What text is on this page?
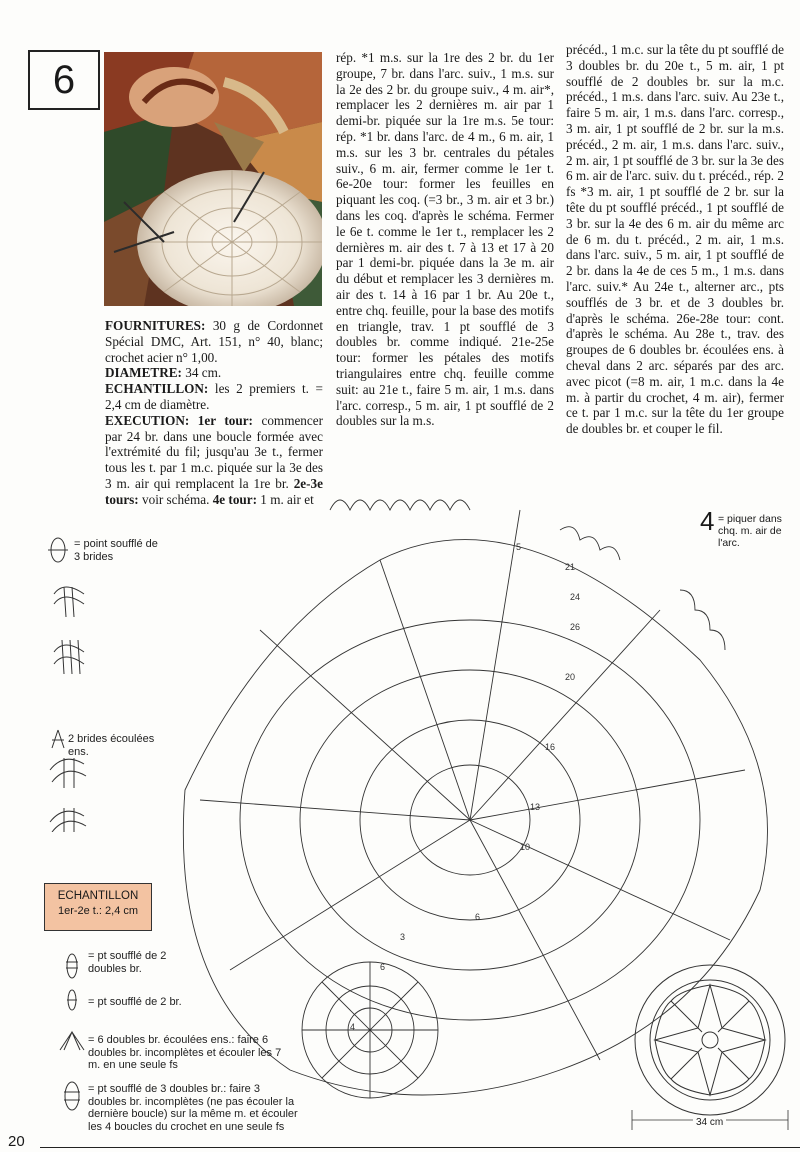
6

FOURNITURES: 30 g de Cordonnet Spécial DMC, Art. 151, n° 40, blanc; crochet acier n° 1,00.

DIAMETRE: 34 cm.

ECHANTILLON: les 2 premiers t. = 2,4 cm de diamètre.

EXECUTION: 1er tour: commencer par 24 br. dans une boucle formée avec l'extrémité du fil; jusqu'au 3e t., fermer tous les t. par 1 m.c. piquée sur la 3e des 3 m. air qui remplacent la 1re br. 2e-3e tours: voir schéma. 4e tour: 1 m. air et

rép. *1 m.s. sur la 1re des 2 br. du 1er groupe, 7 br. dans l'arc. suiv., 1 m.s. sur la 2e des 2 br. du groupe suiv., 4 m. air*, remplacer les 2 dernières m. air par 1 demi-br. piquée sur la 1re m.s. 5e tour: rép. *1 br. dans l'arc. de 4 m., 6 m. air, 1 m.s. sur les 3 br. centrales du pétales suiv., 6 m. air, fermer comme le 1er t. 6e-20e tour: former les feuilles en piquant les coq. (=3 br., 3 m. air et 3 br.) dans les coq. d'après le schéma. Fermer le 6e t. comme le 1er t., remplacer les 2 dernières m. air des t. 7 à 13 et 17 à 20 par 1 demi-br. piquée dans la 3e m. air du début et remplacer les 3 dernières m. air des t. 14 à 16 par 1 br. Au 20e t., entre chq. feuille, pour la base des motifs en triangle, trav. 1 pt soufflé de 3 doubles br. comme indiqué. 21e-25e tour: former les pétales des motifs triangulaires entre chq. feuille comme suit: au 21e t., faire 5 m. air, 1 m.s. dans l'arc. corresp., 5 m. air, 1 pt soufflé de 2 doubles sur la m.s.

précéd., 1 m.c. sur la tête du pt soufflé de 3 doubles br. du 20e t., 5 m. air, 1 pt soufflé de 2 doubles br. sur la m.c. précéd., 1 m.s. dans l'arc. suiv. Au 23e t., faire 5 m. air, 1 m.s. dans l'arc. corresp., 3 m. air, 1 pt soufflé de 2 br. sur la m.s. précéd., 2 m. air, 1 m.s. dans l'arc. suiv., 2 m. air, 1 pt soufflé de 3 br. sur la 3e des 6 m. air de l'arc. suiv. du t. précéd., rép. 2 fs *3 m. air, 1 pt soufflé de 2 br. sur la tête du pt soufflé précéd., 1 pt soufflé de 3 br. sur la 4e des 6 m. air du même arc de 6 m. du t. précéd., 2 m. air, 1 m.s. dans l'arc. suiv., 5 m. air, 1 pt soufflé de 2 br. dans la 4e de ces 5 m., 1 m.s. dans l'arc. suiv.* Au 24e t., alterner arc., pts soufflés de 3 br. et de 3 doubles br. d'après le schéma. 26e-28e tour: cont. d'après le schéma. Au 28e t., trav. des groupes de 6 doubles br. écoulées ens. à cheval dans 2 arc. séparés par des arc. avec picot (=8 m. air, 1 m.c. dans la 4e m. à partir du crochet, 4 m. air), fermer ce t. par 1 m.c. sur la tête du 1er groupe de doubles br. et couper le fil.

5
21
24
26
20
16
13
10
6
3
6
4
= point soufflé de 3 brides
2 brides écoulées ens.
ECHANTILLON
1er-2e t.: 2,4 cm
= pt soufflé de 2 doubles br.
= pt soufflé de 2 br.
= 6 doubles br. écoulées ens.: faire 6 doubles br. incomplètes et écouler les 7 m. en une seule fs
= pt soufflé de 3 doubles br.: faire 3 doubles br. incomplètes (ne pas écouler la dernière boucle) sur la même m. et écouler les 4 boucles du crochet en une seule fs
4 = piquer dans chq. m. air de l'arc.
34 cm
20
